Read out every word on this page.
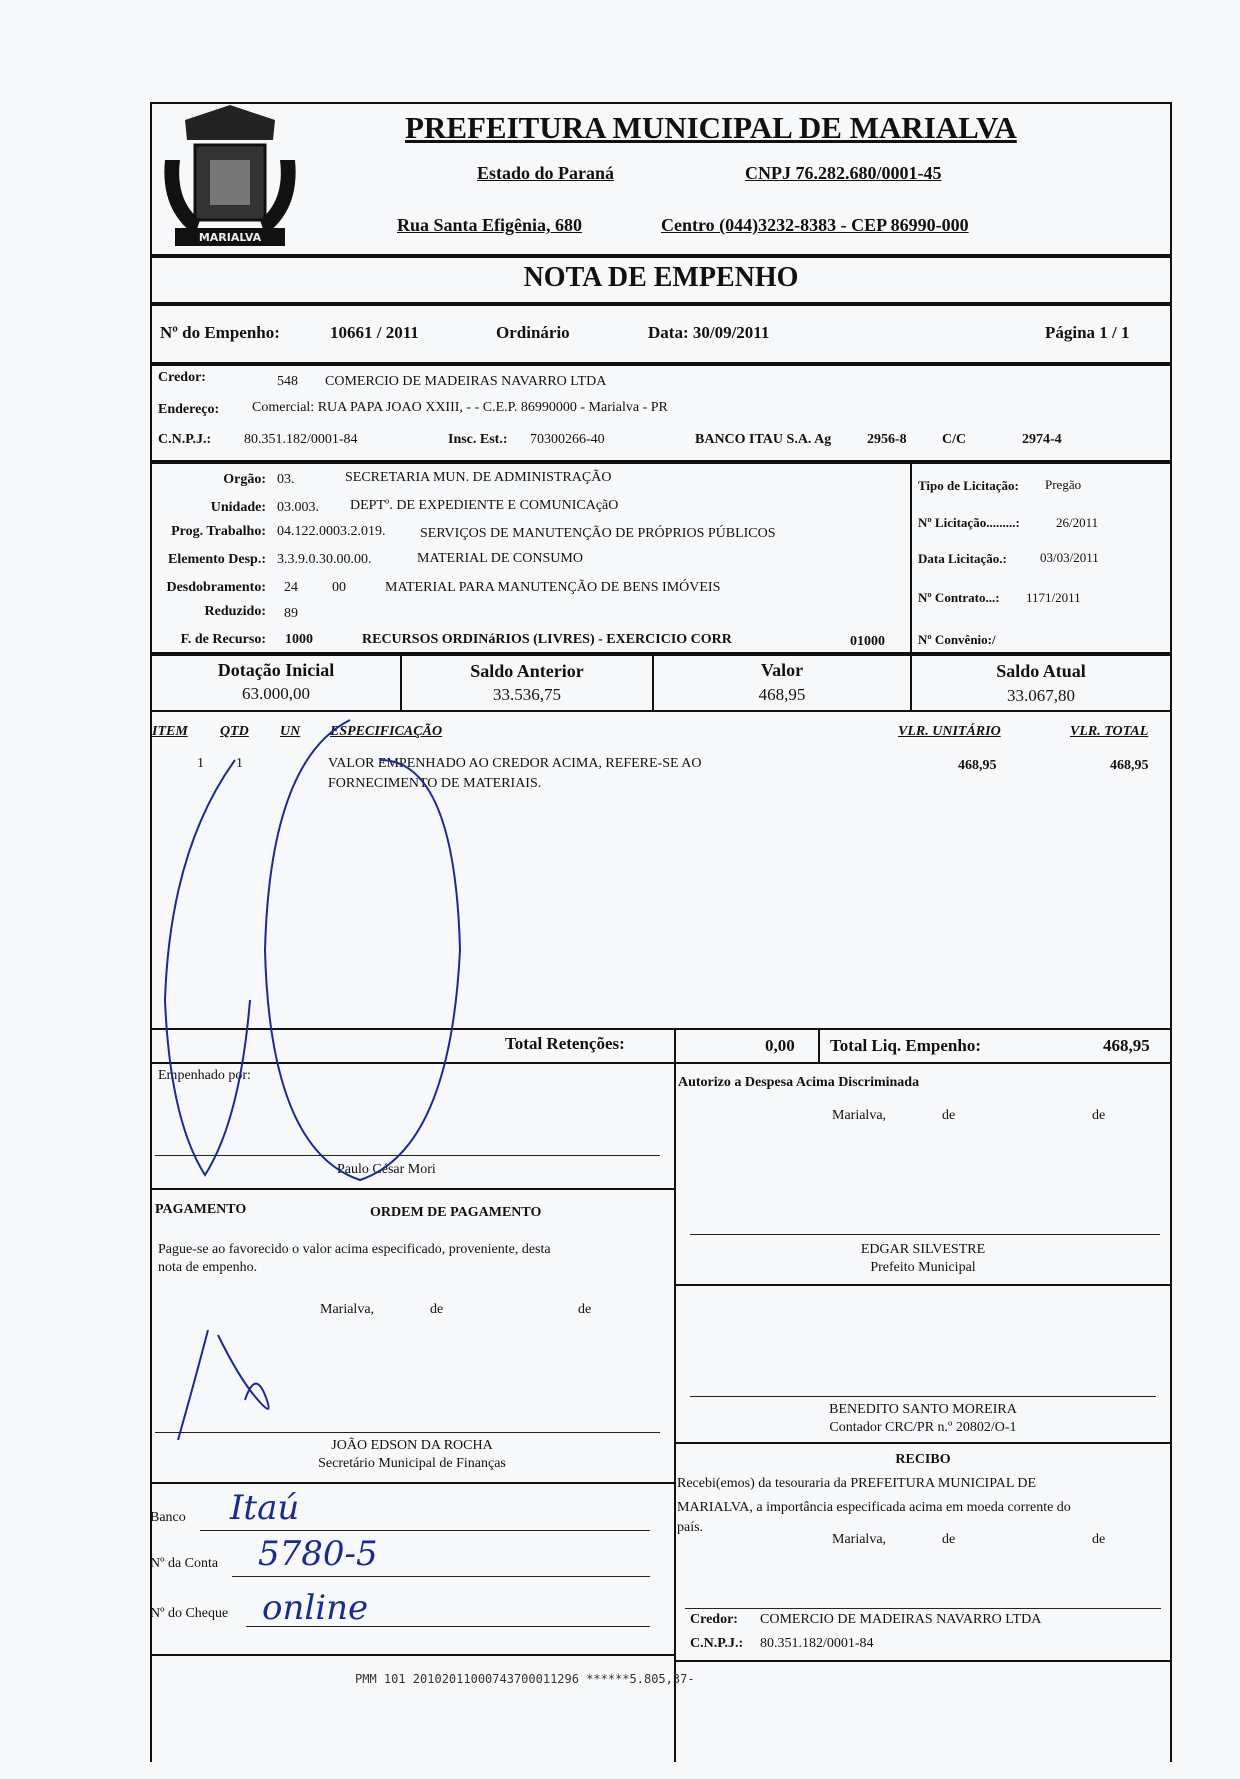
MARIALVA
PREFEITURA MUNICIPAL DE MARIALVA
Estado do Paraná	CNPJ 76.282.680/0001-45
Rua Santa Efigênia, 680	Centro (044)3232-8383 - CEP 86990-000
NOTA DE EMPENHO
Nº do Empenho:	10661 / 2011	Ordinário	Data: 30/09/2011	Página 1 / 1
Credor:	548 COMERCIO DE MADEIRAS NAVARRO LTDA
Endereço: Comercial: RUA PAPA JOAO XXIII, - - C.E.P. 86990000 - Marialva - PR
C.N.P.J.: 80.351.182/0001-84	Insc. Est.: 70300266-40	BANCO ITAU S.A. Ag	2956-8	C/C	2974-4
Orgão: 03.	SECRETARIA MUN. DE ADMINISTRAÇÃO
Unidade: 03.003. DEPTº. DE EXPEDIENTE E COMUNICAçãO
Prog. Trabalho: 04.122.0003.2.019. SERVIÇOS DE MANUTENÇÃO DE PRÓPRIOS PÚBLICOS
Elemento Desp.: 3.3.9.0.30.00.00.	MATERIAL DE CONSUMO
Desdobramento: 24 00	MATERIAL PARA MANUTENÇÃO DE BENS IMÓVEIS
Reduzido: 89
F. de Recurso: 1000	RECURSOS ORDINáRIOS (LIVRES) - EXERCICIO CORR	01000
Tipo de Licitação: Pregão
Nº Licitação.........:	26/2011
Data Licitação.:	03/03/2011
Nº Contrato...: 1171/2011
Nº Convênio:/
Dotação Inicial
63.000,00
Saldo Anterior
33.536,75
Valor
468,95
Saldo Atual
33.067,80
ITEM QTD UN ESPECIFICAÇÃO	VLR. UNITÁRIO	VLR. TOTAL
1 1	VALOR EMPENHADO AO CREDOR ACIMA, REFERE-SE AO
FORNECIMENTO DE MATERIAIS.
468,95	468,95
Total Retenções:	0,00 Total Liq. Empenho:	468,95
Empenhado por:
Paulo César Mori
Autorizo a Despesa Acima Discriminada
Marialva,	de	de
EDGAR SILVESTRE
Prefeito Municipal
PAGAMENTO	ORDEM DE PAGAMENTO
Pague-se ao favorecido o valor acima especificado, proveniente, desta
nota de empenho.
Marialva,	de	de
JOÃO EDSON DA ROCHA
Secretário Municipal de Finanças
BENEDITO SANTO MOREIRA
Contador CRC/PR n.º 20802/O-1
RECIBO
Recebi(emos) da tesouraria da PREFEITURA MUNICIPAL DE
MARIALVA, a importância especificada acima em moeda corrente do
país.
Marialva,	de	de
Credor: COMERCIO DE MADEIRAS NAVARRO LTDA
C.N.P.J.: 80.351.182/0001-84
Banco Itaú
Nº da Conta 5780-5
Nº do Cheque online
PMM 101 20102011000743700011296 ******5.805,37-
